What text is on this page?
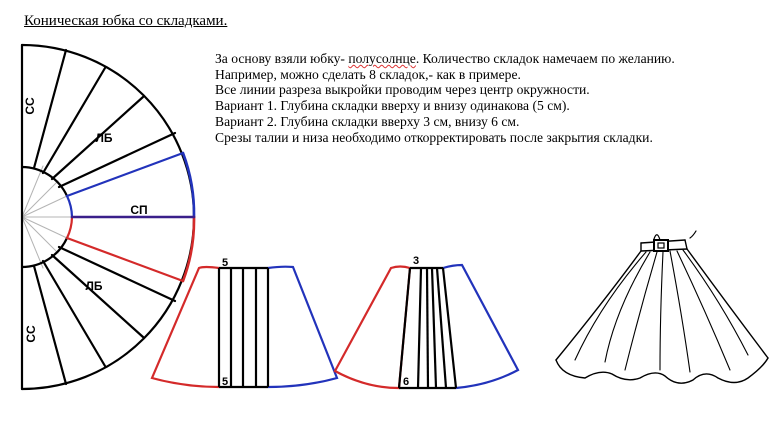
Коническая юбка со складками.
За основу взяли юбку- полусолнце. Количество складок намечаем по желанию.
Например, можно сделать 8 складок,- как в примере.
Все линии разреза выкройки проводим через центр окружности.
Вариант 1. Глубина складки вверху и внизу одинакова (5 см).
Вариант 2. Глубина складки вверху 3 см, внизу 6 см.
Срезы талии и низа необходимо откорректировать после закрытия складки.
СС
ЛБ
СП
ЛБ
СС
5
5
3
6
